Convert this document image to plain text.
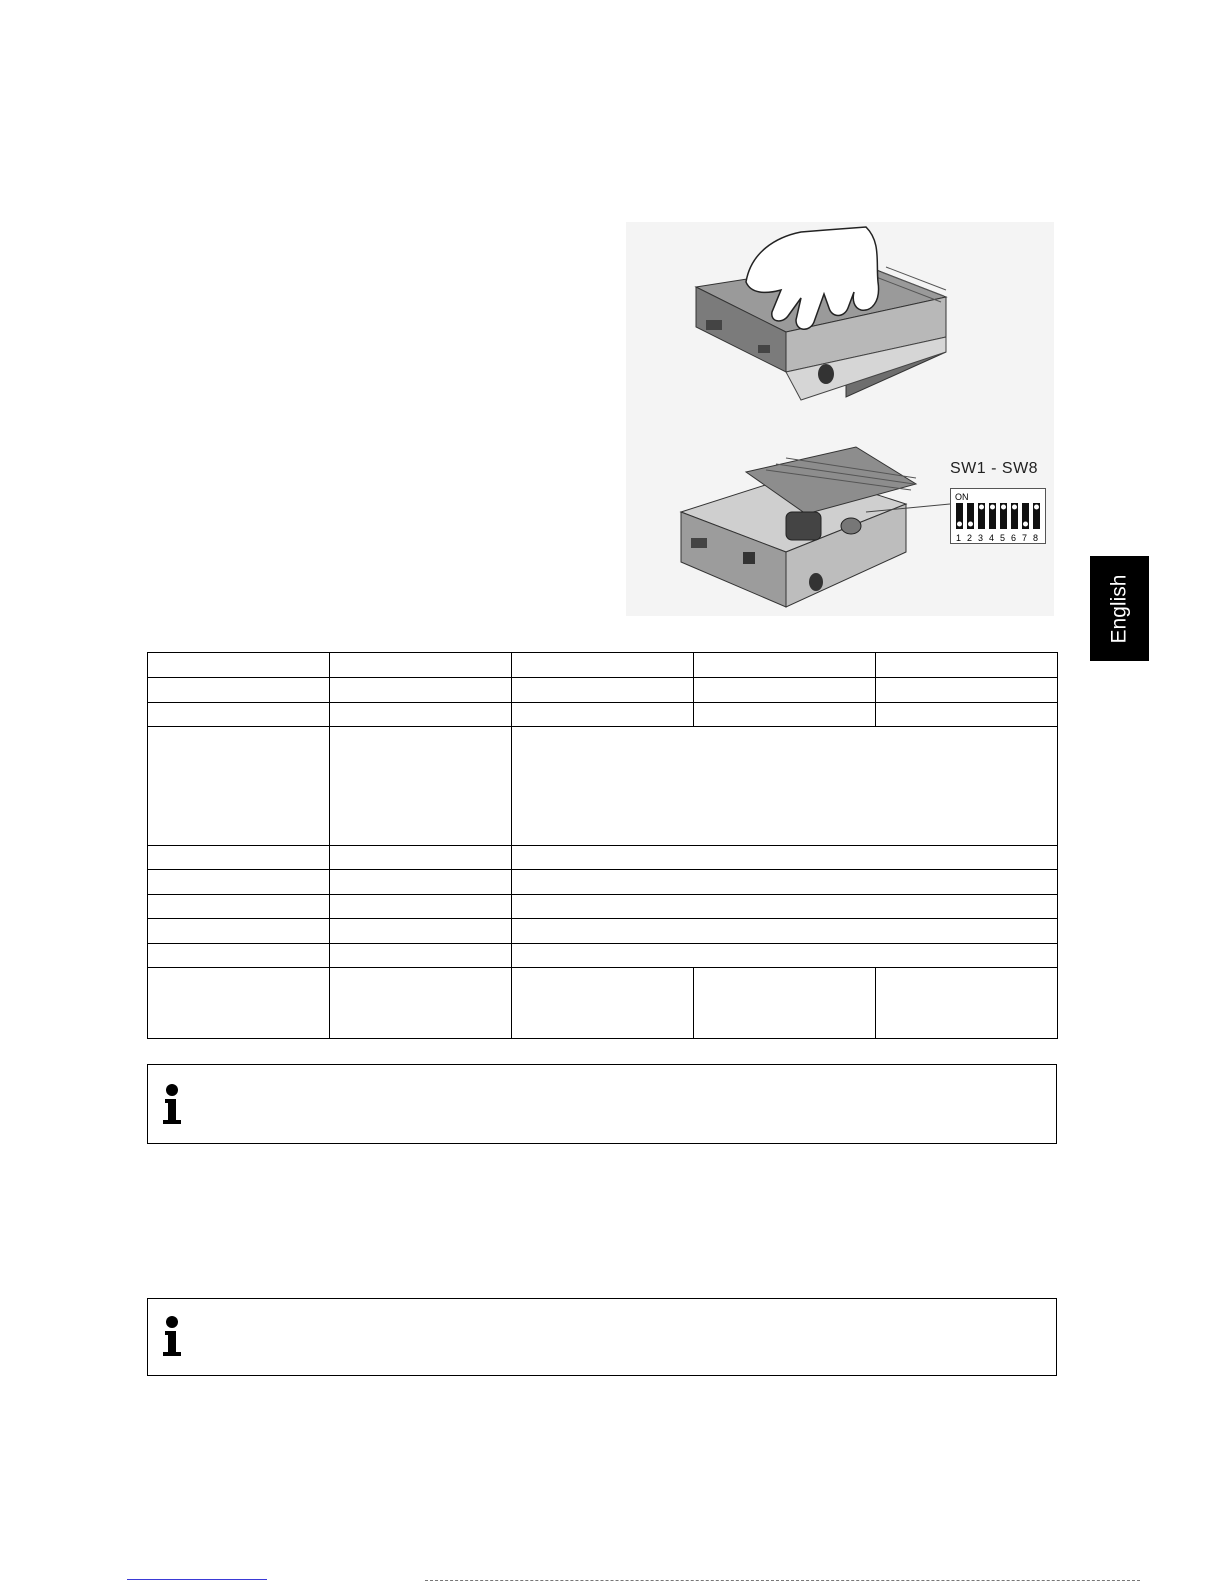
SW1 - SW8
ON
1 2 3 4 5 6 7 8
English
